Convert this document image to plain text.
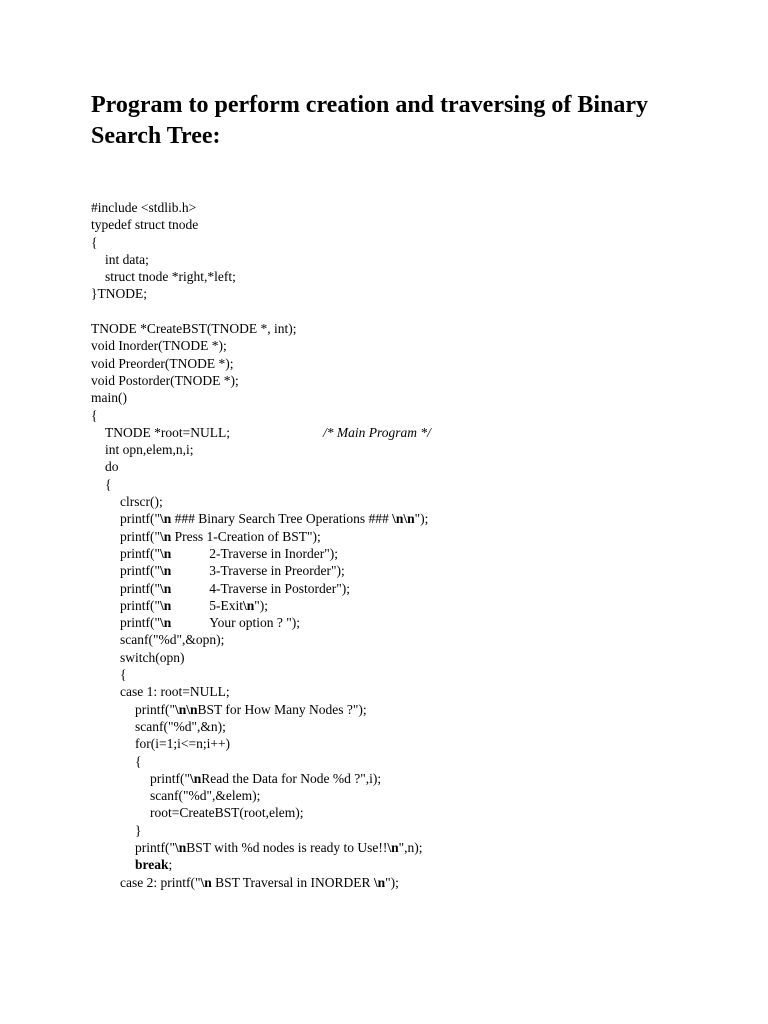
Program to perform creation and traversing of Binary Search Tree:
#include <stdlib.h>
typedef struct tnode
{
int data;
struct tnode *right,*left;
}TNODE;
TNODE *CreateBST(TNODE *, int);
void Inorder(TNODE *);
void Preorder(TNODE *);
void Postorder(TNODE *);
main()
{
TNODE *root=NULL;	/* Main Program */
int opn,elem,n,i;
do
{
clrscr();
printf("\n ### Binary Search Tree Operations ### \n\n");
printf("\n Press 1-Creation of BST");
printf("\n	2-Traverse in Inorder");
printf("\n	3-Traverse in Preorder");
printf("\n	4-Traverse in Postorder");
printf("\n	5-Exit\n");
printf("\n	Your option ? ");
scanf("%d",&opn);
switch(opn)
{
case 1: root=NULL;
printf("\n\nBST for How Many Nodes ?");
scanf("%d",&n);
for(i=1;i<=n;i++)
{
printf("\nRead the Data for Node %d ?",i);
scanf("%d",&elem);
root=CreateBST(root,elem);
}
printf("\nBST with %d nodes is ready to Use!!\n",n);
break;
case 2: printf("\n BST Traversal in INORDER \n");
